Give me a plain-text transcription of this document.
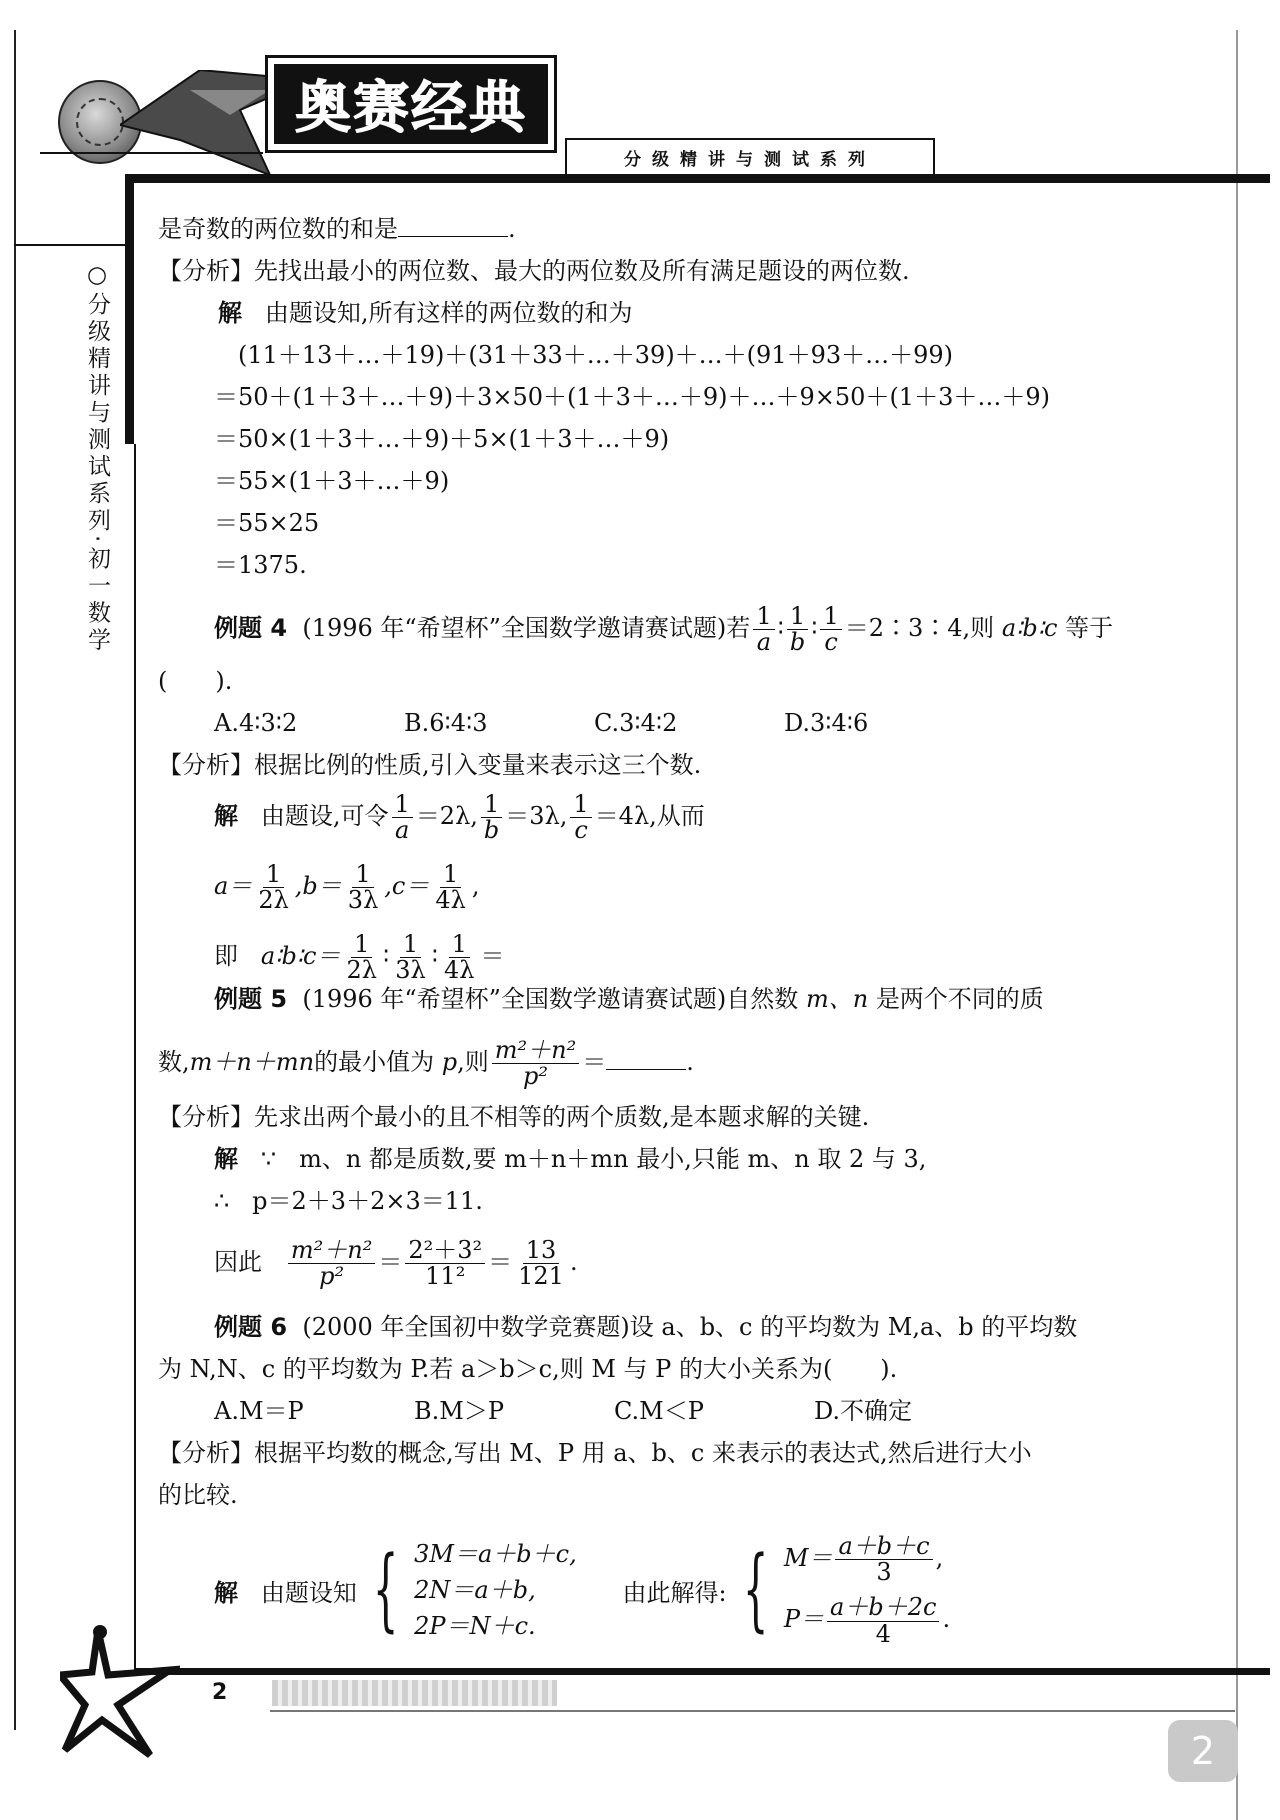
奥赛经典
分级精讲与测试系列
○分级精讲与测试系列·初一数学
是奇数的两位数的和是	.
【分析】先找出最小的两位数、最大的两位数及所有满足题设的两位数.
解 由题设知,所有这样的两位数的和为
(11＋13＋…＋19)＋(31＋33＋…＋39)＋…＋(91＋93＋…＋99)
＝50＋(1＋3＋…＋9)＋3×50＋(1＋3＋…＋9)＋…＋9×50＋(1＋3＋…＋9)
＝50×(1＋3＋…＋9)＋5×(1＋3＋…＋9)
＝55×(1＋3＋…＋9)
＝55×25
＝1375.
例题 4 (1996 年“希望杯”全国数学邀请赛试题)若 $\frac{1}{a}$ ∶ $\frac{1}{b}$ ∶ $\frac{1}{c}$ ＝2∶3∶4,则 a∶b∶c 等于
(　　).
A.4∶3∶2	B.6∶4∶3	C.3∶4∶2	D.3∶4∶6
【分析】根据比例的性质,引入变量来表示这三个数.
解 由题设,可令 $\frac{1}{a} =2\lambda$, $\frac{1}{b} =3\lambda$, $\frac{1}{c} =4\lambda$,从而
$a= \frac{1}{2\lambda} ,b= \frac{1}{3\lambda} ,c= \frac{1}{4\lambda}$ ,
即 a∶b∶c＝ $\frac{1}{2\lambda}$ ∶ $\frac{1}{3\lambda}$ ∶ $\frac{1}{4\lambda}$ ＝
例题 5 (1996 年“希望杯”全国数学邀请赛试题)自然数 m、n 是两个不同的质
数,m＋n＋mn的最小值为 p,则 $\frac{\text{m²＋n²}}{\text{p²}}$ ＝	.
【分析】先求出两个最小的且不相等的两个质数,是本题求解的关键.
解 ∵ m、n 都是质数,要 m＋n＋mn 最小,只能 m、n 取 2 与 3,
∴ p＝2＋3＋2×3＝11.
因此 $\frac{\text{m²＋n²}}{\text{p²}} = \frac{\text{2²＋3²}}{\text{11²}} = \frac{13}{121}$ .
例题 6 (2000 年全国初中数学竞赛题)设 a、b、c 的平均数为 M,a、b 的平均数
为 N,N、c 的平均数为 P.若 a＞b＞c,则 M 与 P 的大小关系为(　　).
A.M＝P	B.M＞P	C.M＜P	D.不确定
【分析】根据平均数的概念,写出 M、P 用 a、b、c 来表示的表达式,然后进行大小
的比较.
解
由题设知 { 3M＝a＋b＋c,
2N＝a＋b,
2P＝N＋c.

由此解得: { $M= \frac{a+b+c}{3}$ ,
$P= \frac{a+b+2c}{4}$ .
2
2
